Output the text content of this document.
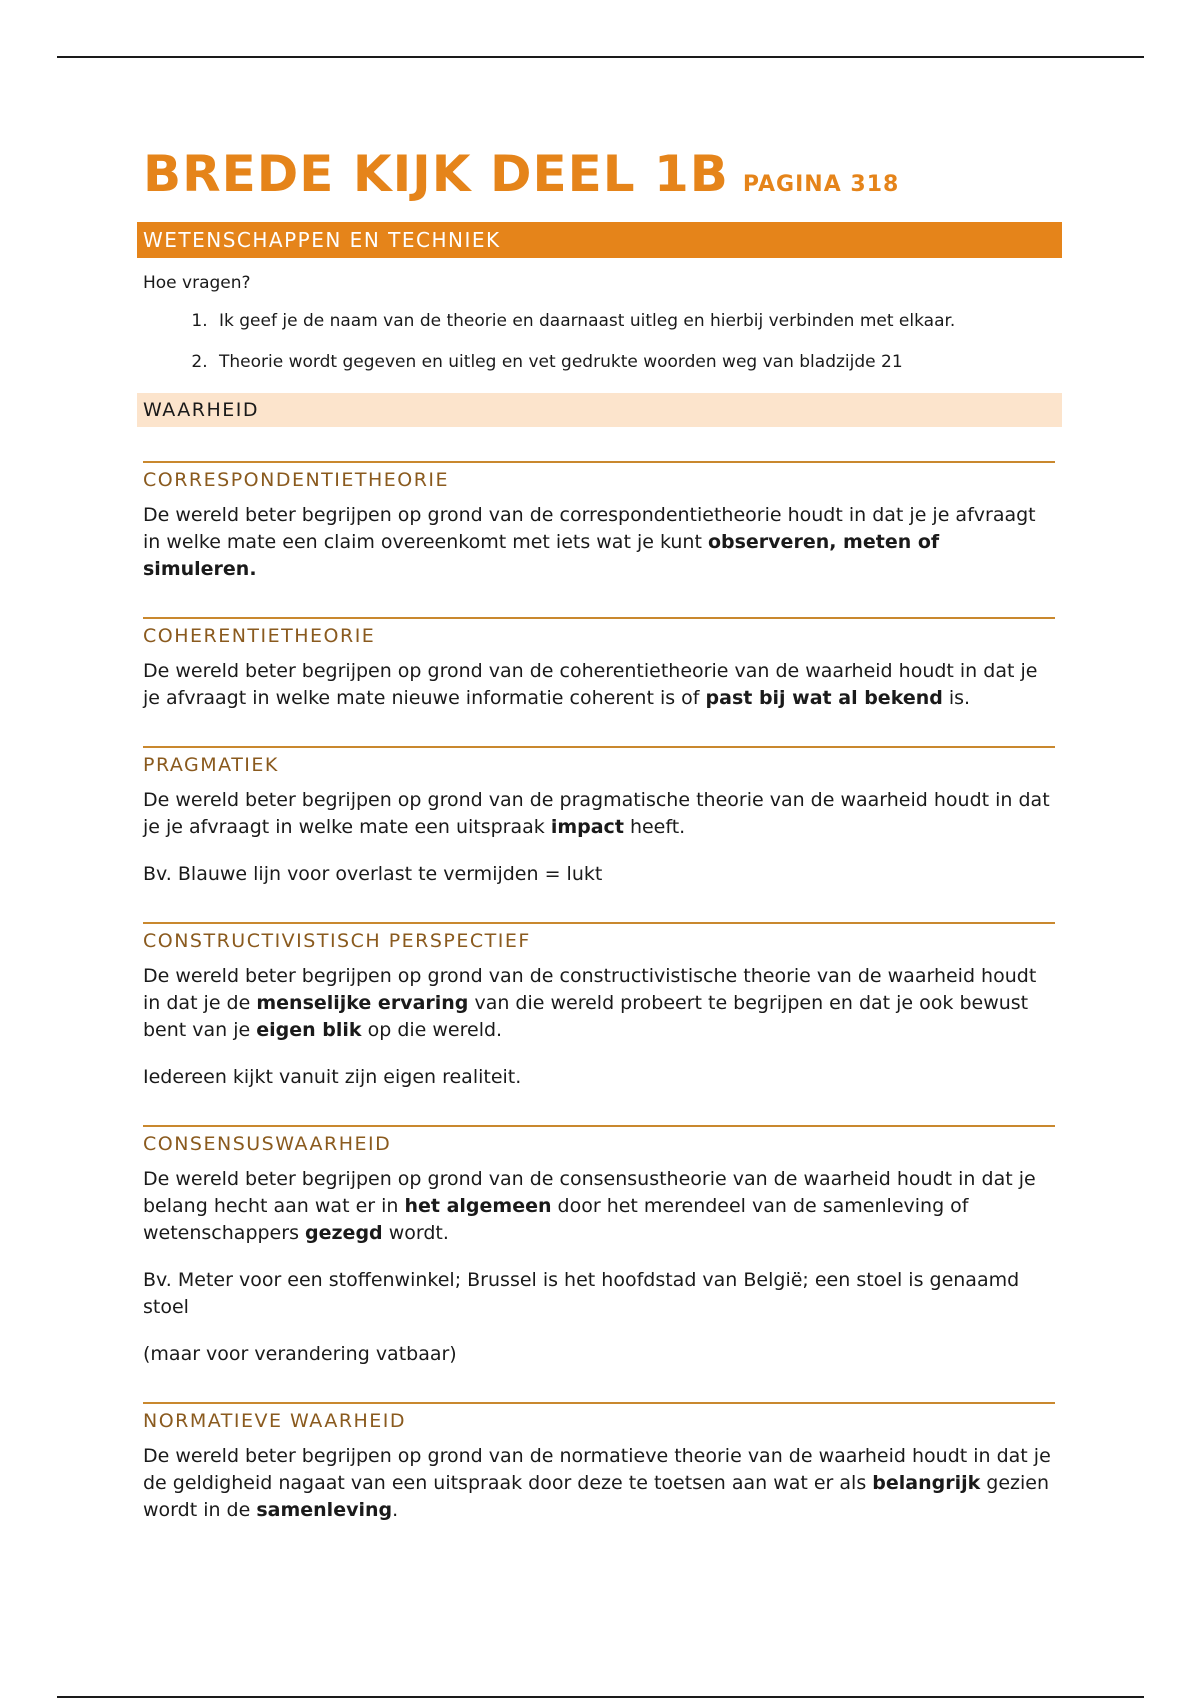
BREDE KIJK DEEL 1B PAGINA 318
WETENSCHAPPEN EN TECHNIEK

Hoe vragen?

1. Ik geef je de naam van de theorie en daarnaast uitleg en hierbij verbinden met elkaar.
2. Theorie wordt gegeven en uitleg en vet gedrukte woorden weg van bladzijde 21
WAARHEID
CORRESPONDENTIETHEORIE

De wereld beter begrijpen op grond van de correspondentietheorie houdt in dat je je afvraagt in welke mate een claim overeenkomt met iets wat je kunt observeren, meten of simuleren.

COHERENTIETHEORIE

De wereld beter begrijpen op grond van de coherentietheorie van de waarheid houdt in dat je je afvraagt in welke mate nieuwe informatie coherent is of past bij wat al bekend is.

PRAGMATIEK

De wereld beter begrijpen op grond van de pragmatische theorie van de waarheid houdt in dat je je afvraagt in welke mate een uitspraak impact heeft.

Bv. Blauwe lijn voor overlast te vermijden = lukt

CONSTRUCTIVISTISCH PERSPECTIEF

De wereld beter begrijpen op grond van de constructivistische theorie van de waarheid houdt in dat je de menselijke ervaring van die wereld probeert te begrijpen en dat je ook bewust bent van je eigen blik op die wereld.

Iedereen kijkt vanuit zijn eigen realiteit.

CONSENSUSWAARHEID

De wereld beter begrijpen op grond van de consensustheorie van de waarheid houdt in dat je belang hecht aan wat er in het algemeen door het merendeel van de samenleving of wetenschappers gezegd wordt.

Bv. Meter voor een stoffenwinkel; Brussel is het hoofdstad van België; een stoel is genaamd stoel

(maar voor verandering vatbaar)

NORMATIEVE WAARHEID

De wereld beter begrijpen op grond van de normatieve theorie van de waarheid houdt in dat je de geldigheid nagaat van een uitspraak door deze te toetsen aan wat er als belangrijk gezien wordt in de samenleving.
